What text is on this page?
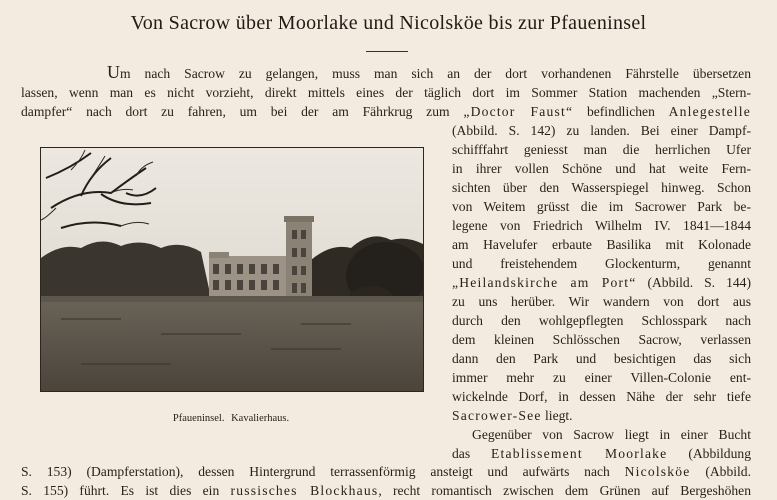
Von Sacrow über Moorlake und Nicolsköe bis zur Pfaueninsel
Um nach Sacrow zu gelangen, muss man sich an der dort vorhandenen Fährstelle übersetzen
lassen, wenn man es nicht vorzieht, direkt mittels eines der täglich dort im Sommer Station machenden „Stern-
dampfer“ nach dort zu fahren, um bei der am Fährkrug zum „Doctor Faust“ befindlichen Anlegestelle
(Abbild. S. 142) zu landen. Bei einer Dampf-
schifffahrt geniesst man die herrlichen Ufer
in ihrer vollen Schöne und hat weite Fern-
sichten über den Wasserspiegel hinweg. Schon
von Weitem grüsst die im Sacrower Park be-
legene von Friedrich Wilhelm IV. 1841—1844
am Havelufer erbaute Basilika mit Kolonade
und freistehendem Glockenturm, genannt
„Heilandskirche am Port“ (Abbild. S. 144)
zu uns herüber. Wir wandern von dort aus
durch den wohlgepflegten Schlosspark nach
dem kleinen Schlösschen Sacrow, verlassen
dann den Park und besichtigen das sich
immer mehr zu einer Villen-Colonie ent-
wickelnde Dorf, in dessen Nähe der sehr tiefe
Sacrower-See liegt.
Gegenüber von Sacrow liegt in einer Bucht
das Etablissement Moorlake (Abbildung
S. 153) (Dampferstation), dessen Hintergrund terrassenförmig ansteigt und aufwärts nach Nicolsköe (Abbild.
S. 155) führt. Es ist dies ein russisches Blockhaus, recht romantisch zwischen dem Grünen auf Bergeshöhen
Pfaueninsel. Kavalierhaus.
